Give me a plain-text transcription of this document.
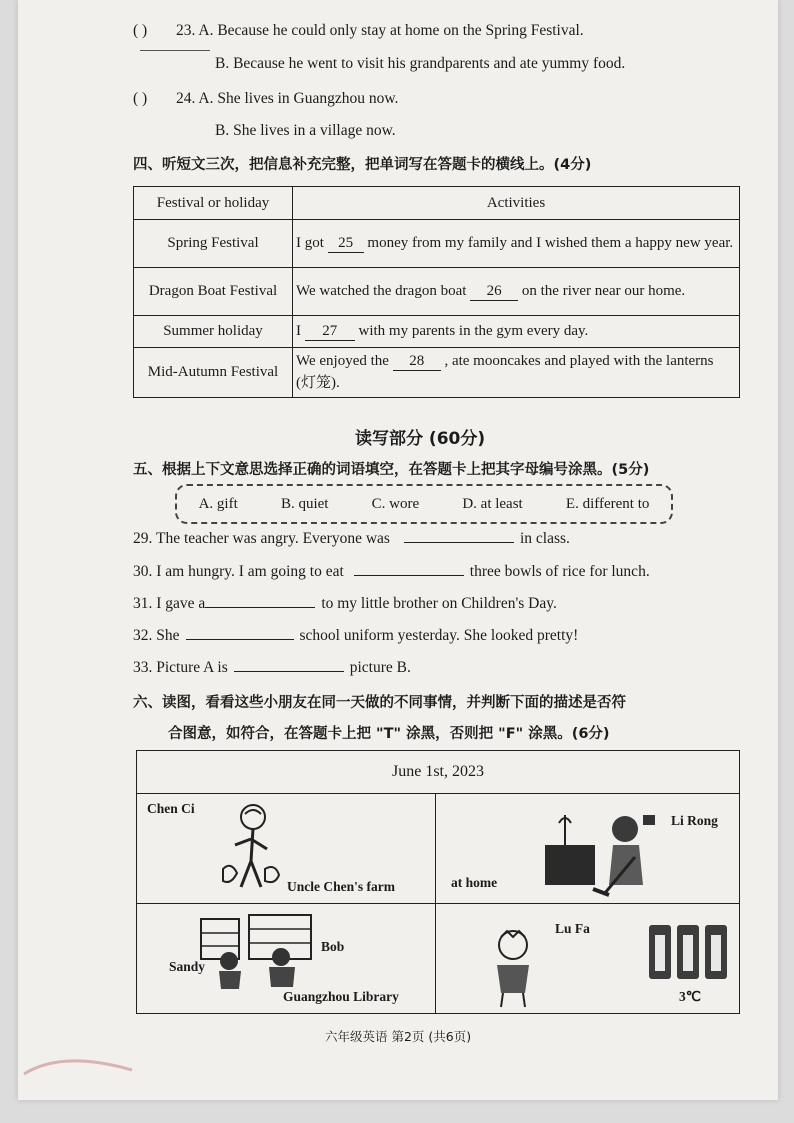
( ) 23. A. Because he could only stay at home on the Spring Festival.
B. Because he went to visit his grandparents and ate yummy food.
( ) 24. A. She lives in Guangzhou now.
B. She lives in a village now.
四、听短文三次，把信息补充完整，把单词写在答题卡的横线上。(4分)
Festival or holiday	Activities
Spring Festival	I got 25 money from my family and I wished them a happy new year.
Dragon Boat Festival	We watched the dragon boat 26 on the river near our home.
Summer holiday	I 27 with my parents in the gym every day.
Mid-Autumn Festival	We enjoyed the 28 , ate mooncakes and played with the lanterns (灯笼).
读写部分 (60分)
五、根据上下文意思选择正确的词语填空，在答题卡上把其字母编号涂黑。(5分)
A. gift	B. quiet	C. wore	D. at least	E. different to
29. The teacher was angry. Everyone was	in class.
30. I am hungry. I am going to eat	three bowls of rice for lunch.
31. I gave a	to my little brother on Children's Day.
32. She	school uniform yesterday. She looked pretty!
33. Picture A is	picture B.
六、读图，看看这些小朋友在同一天做的不同事情，并判断下面的描述是否符
合图意，如符合，在答题卡上把 "T" 涂黑，否则把 "F" 涂黑。(6分)
June 1st, 2023
Chen Ci
Uncle Chen's farm	at home
Li Rong
Bob
Sandy
Guangzhou Library
Lu Fa
3℃
六年级英语 第2页 (共6页)
